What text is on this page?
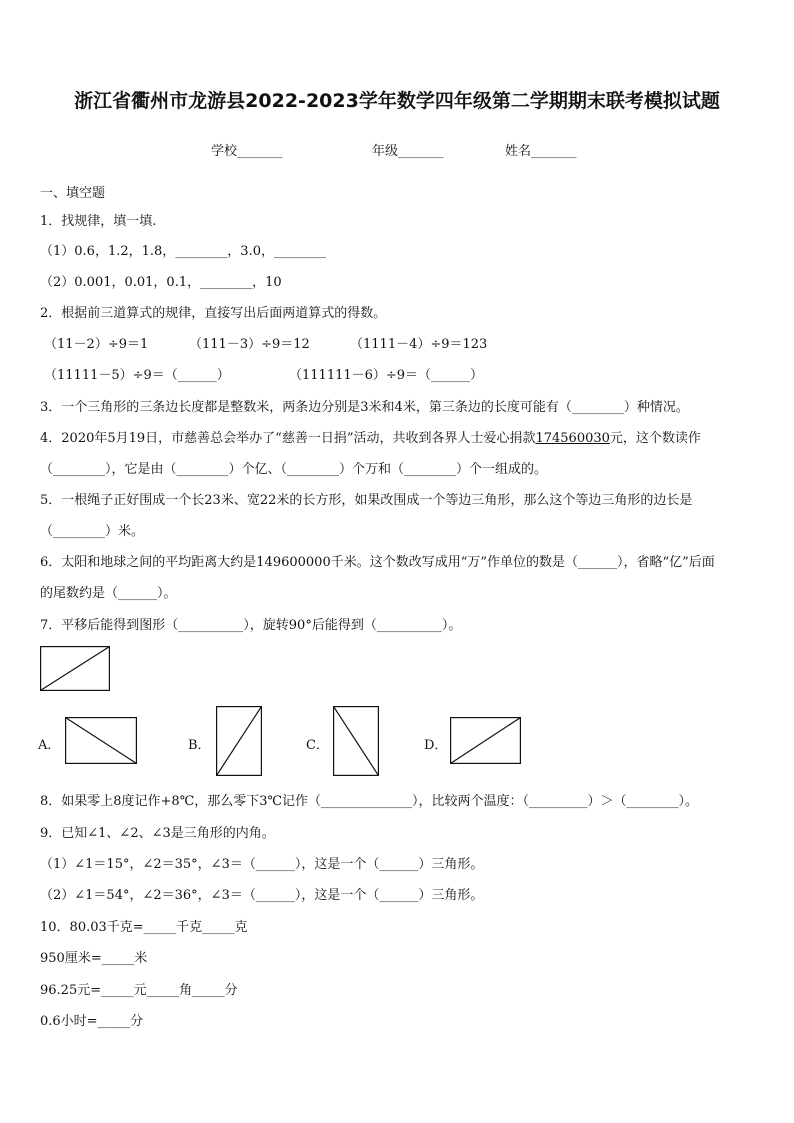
浙江省衢州市龙游县2022-2023学年数学四年级第二学期期末联考模拟试题
学校_______	年级_______	姓名_______
一、填空题
1．找规律，填一填.
（1）0.6，1.2，1.8，________，3.0，________
（2）0.001，0.01，0.1，________，10
2．根据前三道算式的规律，直接写出后面两道算式的得数。
（11－2）÷9＝1	（111－3）÷9＝12	（1111－4）÷9＝123
（11111－5）÷9＝（______）	（111111－6）÷9＝（______）
3．一个三角形的三条边长度都是整数米，两条边分别是3米和4米，第三条边的长度可能有（________）种情况。
4．2020年5月19日，市慈善总会举办了“慈善一日捐”活动，共收到各界人士爱心捐款174560030元，这个数读作
（________），它是由（________）个亿、（________）个万和（________）个一组成的。
5．一根绳子正好围成一个长23米、宽22米的长方形，如果改围成一个等边三角形，那么这个等边三角形的边长是
（________）米。
6．太阳和地球之间的平均距离大约是149600000千米。这个数改写成用“万”作单位的数是（______），省略“亿”后面
的尾数约是（______）。
7．平移后能得到图形（__________），旋转90°后能得到（__________）。
A．	B．	C．	D．
8．如果零上8度记作+8℃，那么零下3℃记作（______________），比较两个温度：（_________）＞（________）。
9．已知∠1、∠2、∠3是三角形的内角。
（1）∠1＝15°，∠2＝35°，∠3＝（______），这是一个（______）三角形。
（2）∠1＝54°，∠2＝36°，∠3＝（______），这是一个（______）三角形。
10．80.03千克=_____千克_____克
950厘米=_____米
96.25元=_____元_____角_____分
0.6小时=_____分
